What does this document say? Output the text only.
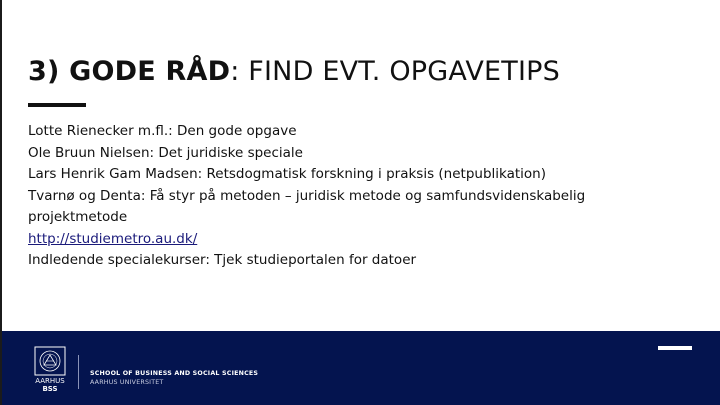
3) GODE RÅD: FIND EVT. OPGAVETIPS
Lotte Rienecker m.fl.: Den gode opgave
Ole Bruun Nielsen: Det juridiske speciale
Lars Henrik Gam Madsen: Retsdogmatisk forskning i praksis (netpublikation)
Tvarnø og Denta: Få styr på metoden – juridisk metode og samfundsvidenskabelig projektmetode
http://studiemetro.au.dk/
Indledende specialekurser: Tjek studieportalen for datoer
AARHUS
BSS
SCHOOL OF BUSINESS AND SOCIAL SCIENCES
AARHUS UNIVERSITET
